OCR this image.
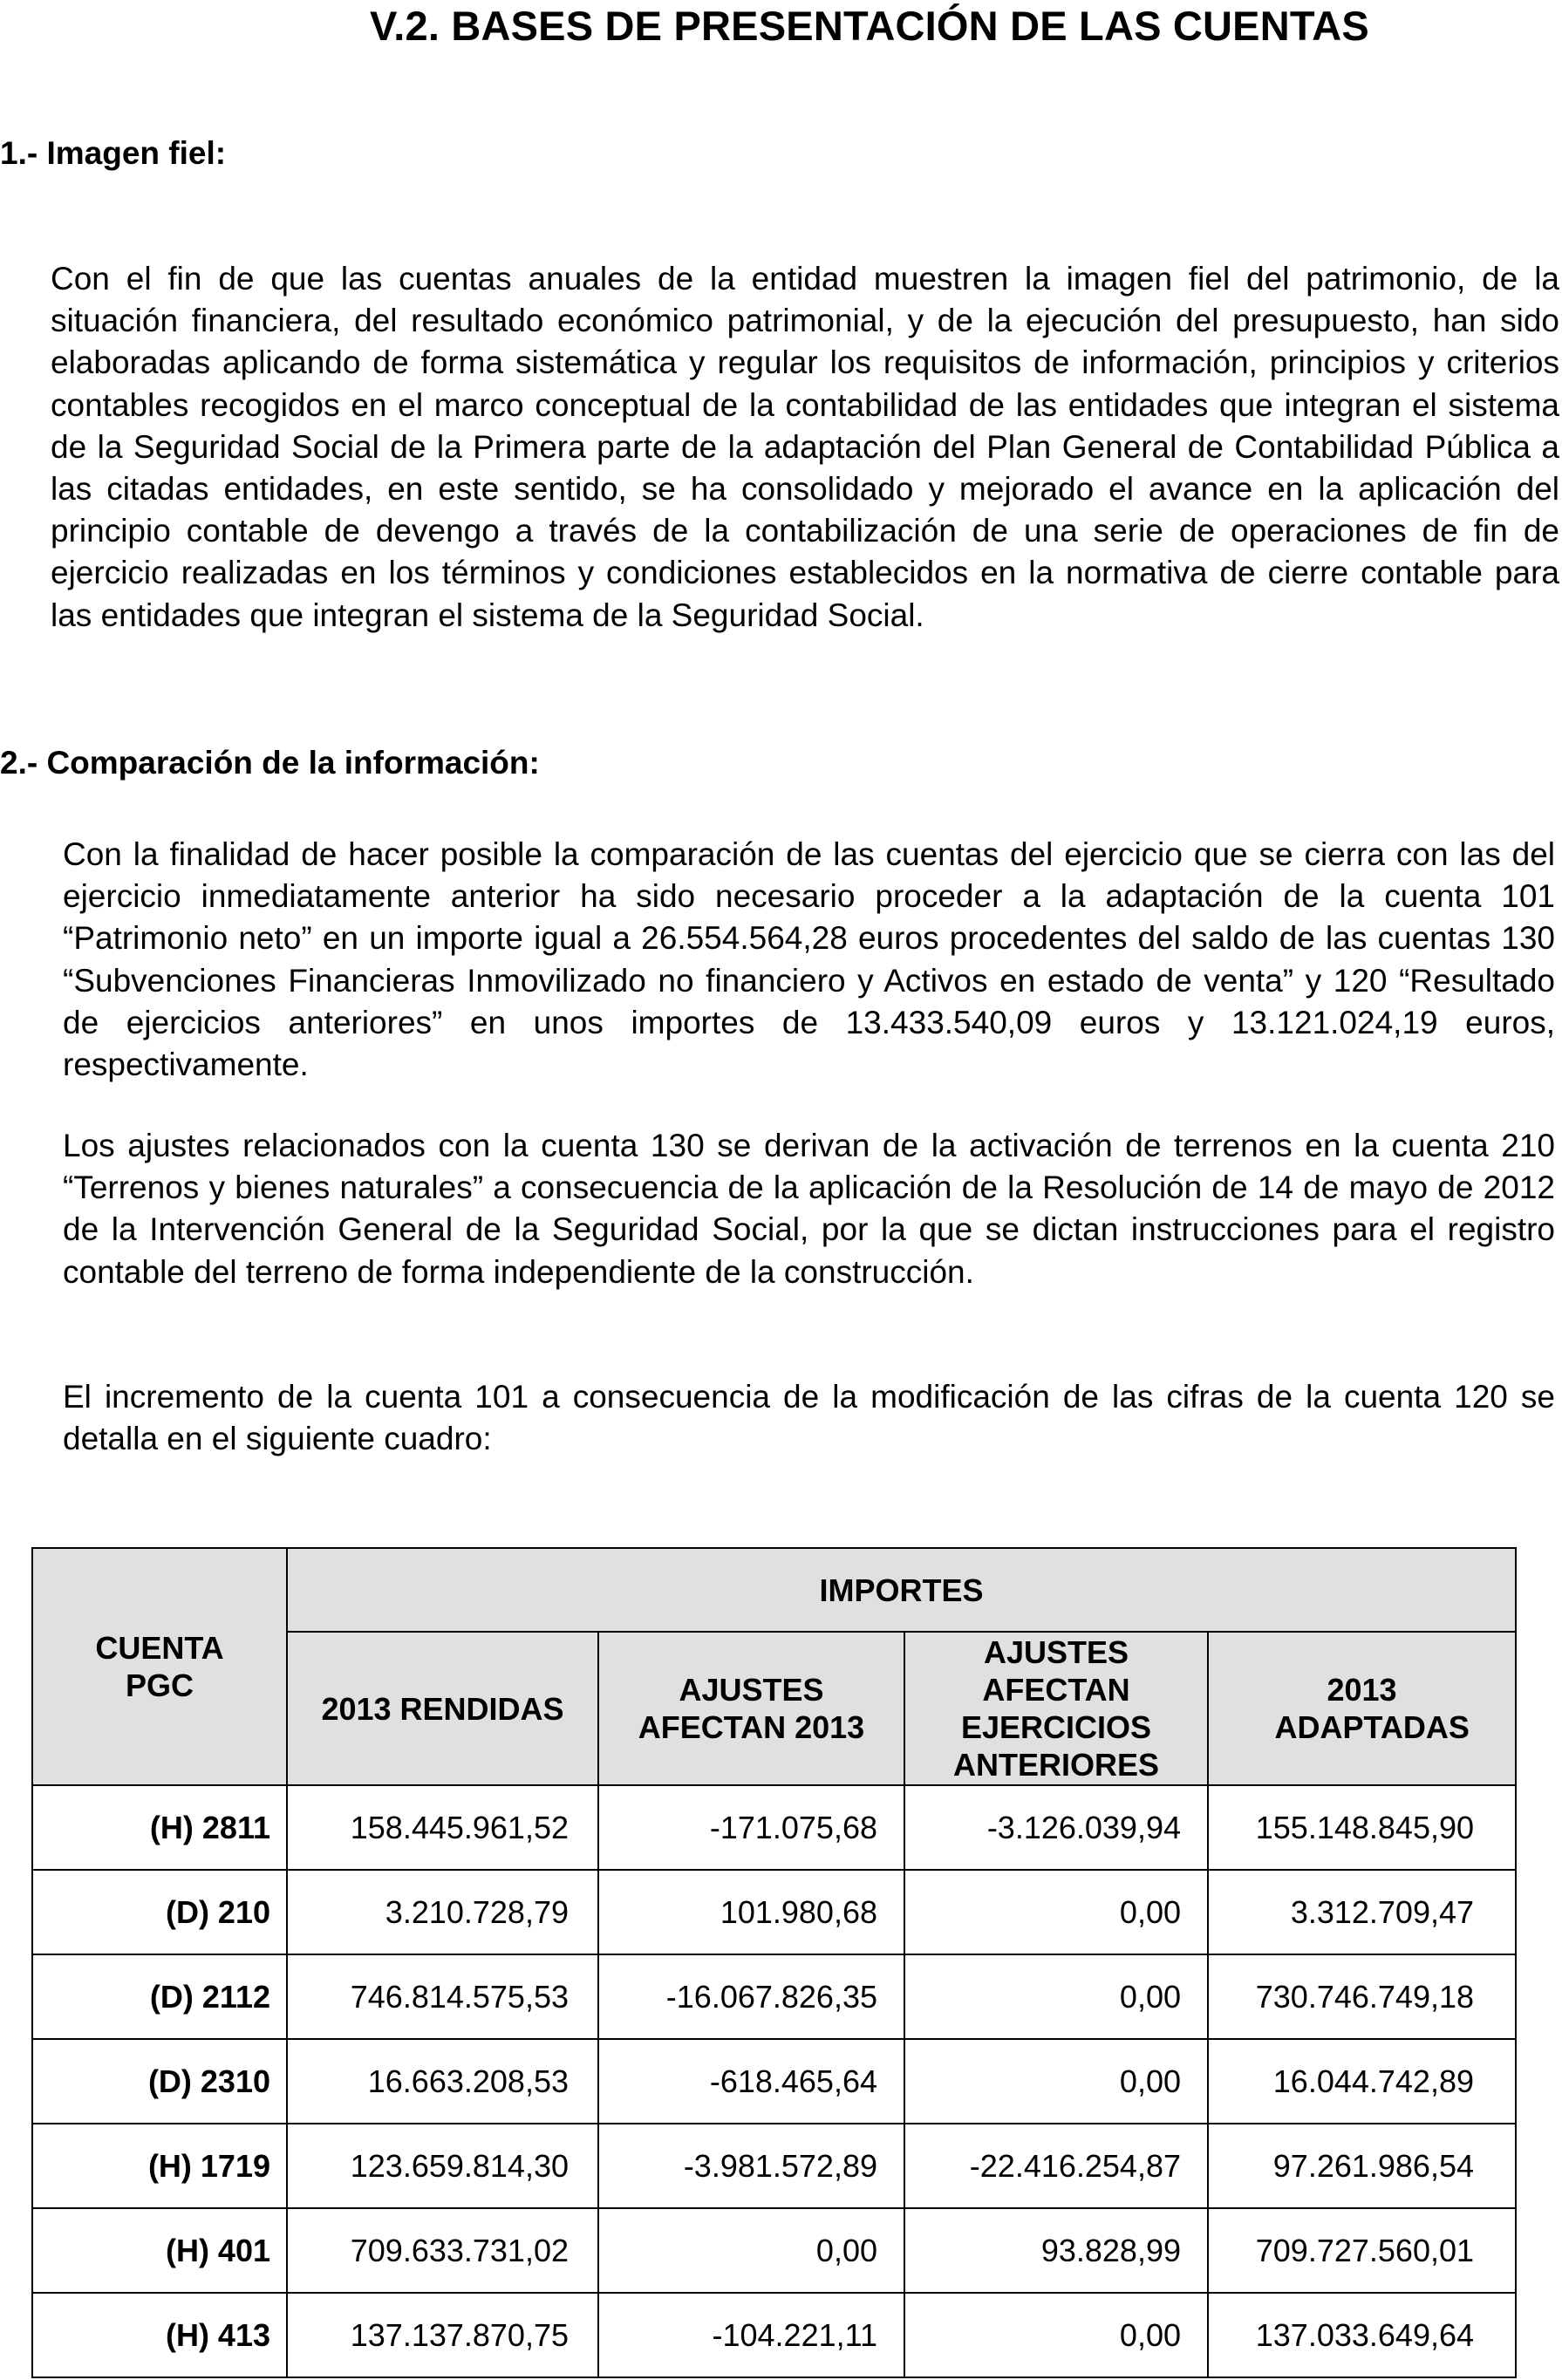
V.2. BASES DE PRESENTACIÓN DE LAS CUENTAS
1.- Imagen fiel:
Con el fin de que las cuentas anuales de la entidad muestren la imagen fiel del patrimonio, de la situación financiera, del resultado económico patrimonial, y de la ejecución del presupuesto, han sido elaboradas aplicando de forma sistemática y regular los requisitos de información, principios y criterios contables recogidos en el marco conceptual de la contabilidad de las entidades que integran el sistema de la Seguridad Social de la Primera parte de la adaptación del Plan General de Contabilidad Pública a las citadas entidades, en este sentido, se ha consolidado y mejorado el avance en la aplicación del principio contable de devengo a través de la contabilización de una serie de operaciones de fin de ejercicio realizadas en los términos y condiciones establecidos en la normativa de cierre contable para las entidades que integran el sistema de la Seguridad Social.
2.- Comparación de la información:
Con la finalidad de hacer posible la comparación de las cuentas del ejercicio que se cierra con las del ejercicio inmediatamente anterior ha sido necesario proceder a la adaptación de la cuenta 101 “Patrimonio neto” en un importe igual a 26.554.564,28 euros procedentes del saldo de las cuentas 130 “Subvenciones Financieras Inmovilizado no financiero y Activos en estado de venta” y 120 “Resultado de ejercicios anteriores” en unos importes de 13.433.540,09 euros y 13.121.024,19 euros, respectivamente.
Los ajustes relacionados con la cuenta 130 se derivan de la activación de terrenos en la cuenta 210 “Terrenos y bienes naturales” a consecuencia de la aplicación de la Resolución de 14 de mayo de 2012 de la Intervención General de la Seguridad Social, por la que se dictan instrucciones para el registro contable del terreno de forma independiente de la construcción.
El incremento de la cuenta 101 a consecuencia de la modificación de las cifras de la cuenta 120 se detalla en el siguiente cuadro:
CUENTA PGC	IMPORTES			
	2013 RENDIDAS	AJUSTES AFECTAN 2013	AJUSTES AFECTAN EJERCICIOS ANTERIORES	2013 ADAPTADAS

(H) 2811	158.445.961,52	-171.075,68	-3.126.039,94	155.148.845,90
(D) 210	3.210.728,79	101.980,68	0,00	3.312.709,47
(D) 2112	746.814.575,53	-16.067.826,35	0,00	730.746.749,18
(D) 2310	16.663.208,53	-618.465,64	0,00	16.044.742,89
(H) 1719	123.659.814,30	-3.981.572,89	-22.416.254,87	97.261.986,54
(H) 401	709.633.731,02	0,00	93.828,99	709.727.560,01
(H) 413	137.137.870,75	-104.221,11	0,00	137.033.649,64
